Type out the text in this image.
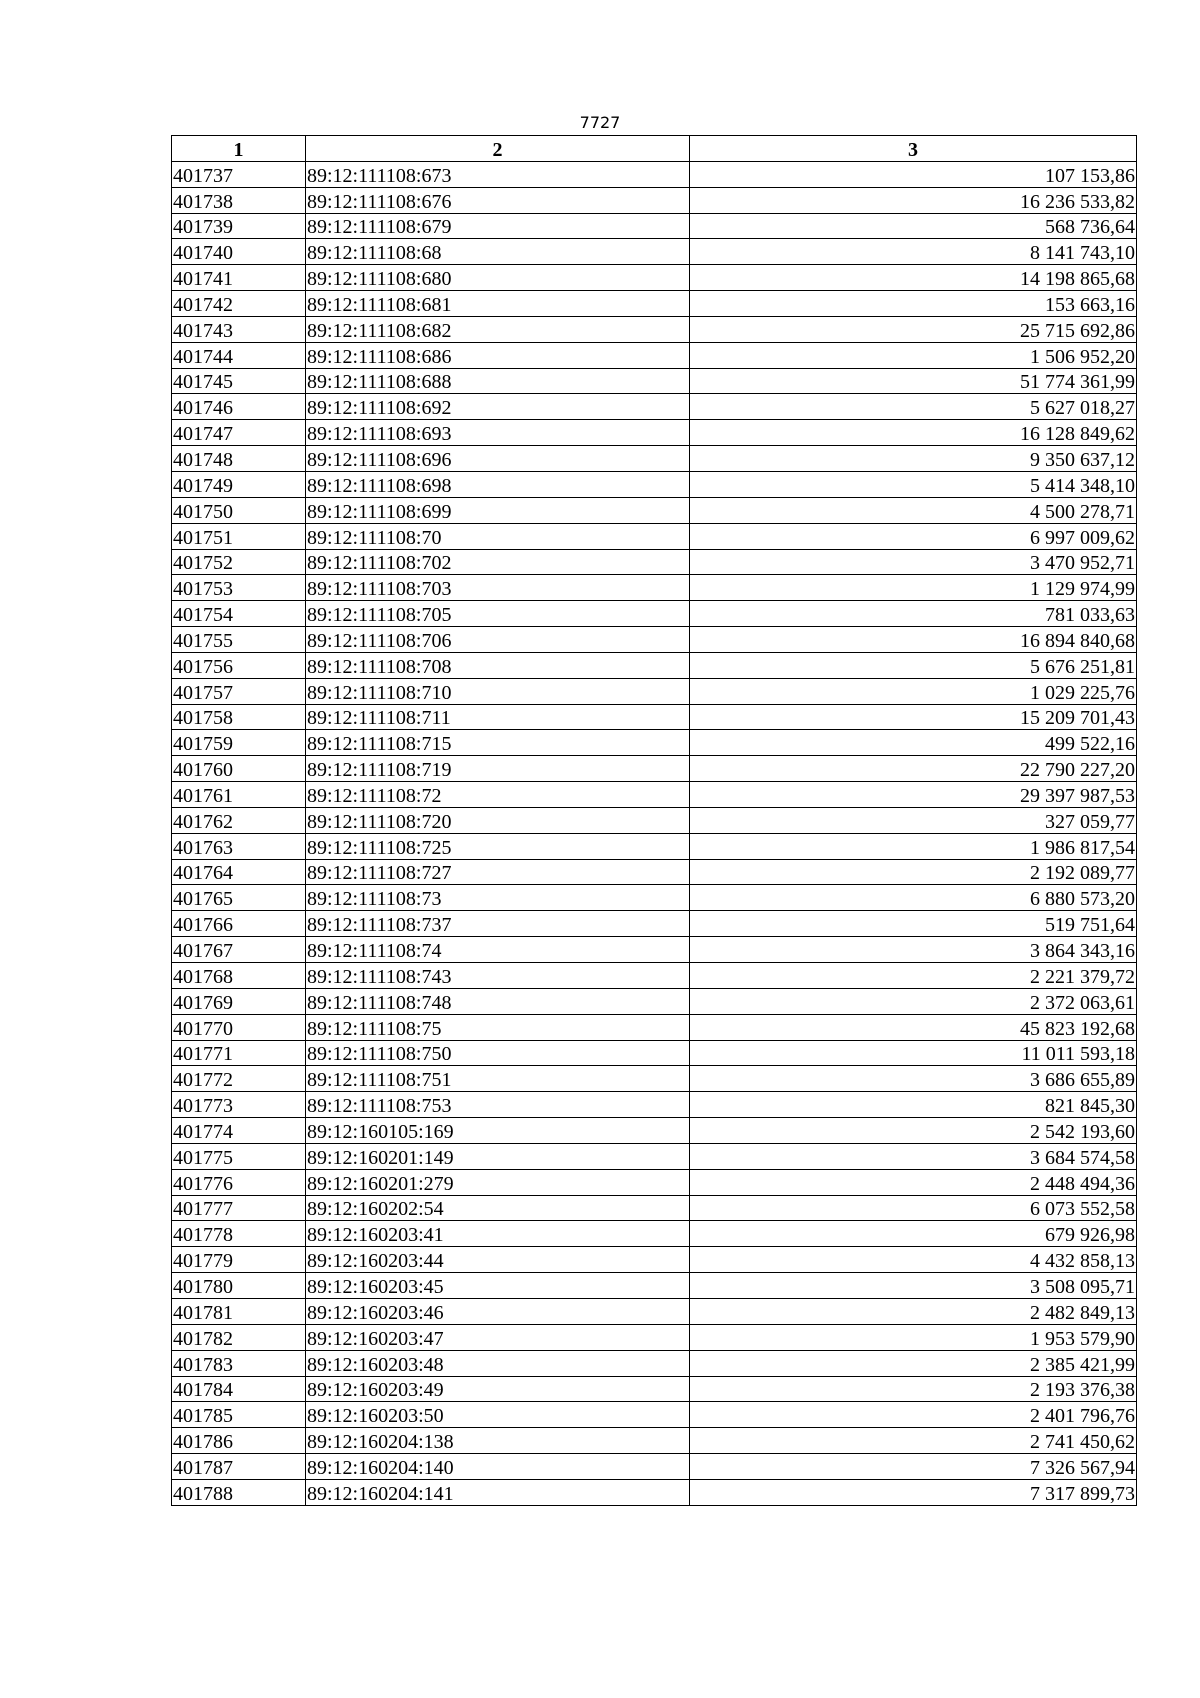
7727
1	2	3
401737	89:12:111108:673	107 153,86
401738	89:12:111108:676	16 236 533,82
401739	89:12:111108:679	568 736,64
401740	89:12:111108:68	8 141 743,10
401741	89:12:111108:680	14 198 865,68
401742	89:12:111108:681	153 663,16
401743	89:12:111108:682	25 715 692,86
401744	89:12:111108:686	1 506 952,20
401745	89:12:111108:688	51 774 361,99
401746	89:12:111108:692	5 627 018,27
401747	89:12:111108:693	16 128 849,62
401748	89:12:111108:696	9 350 637,12
401749	89:12:111108:698	5 414 348,10
401750	89:12:111108:699	4 500 278,71
401751	89:12:111108:70	6 997 009,62
401752	89:12:111108:702	3 470 952,71
401753	89:12:111108:703	1 129 974,99
401754	89:12:111108:705	781 033,63
401755	89:12:111108:706	16 894 840,68
401756	89:12:111108:708	5 676 251,81
401757	89:12:111108:710	1 029 225,76
401758	89:12:111108:711	15 209 701,43
401759	89:12:111108:715	499 522,16
401760	89:12:111108:719	22 790 227,20
401761	89:12:111108:72	29 397 987,53
401762	89:12:111108:720	327 059,77
401763	89:12:111108:725	1 986 817,54
401764	89:12:111108:727	2 192 089,77
401765	89:12:111108:73	6 880 573,20
401766	89:12:111108:737	519 751,64
401767	89:12:111108:74	3 864 343,16
401768	89:12:111108:743	2 221 379,72
401769	89:12:111108:748	2 372 063,61
401770	89:12:111108:75	45 823 192,68
401771	89:12:111108:750	11 011 593,18
401772	89:12:111108:751	3 686 655,89
401773	89:12:111108:753	821 845,30
401774	89:12:160105:169	2 542 193,60
401775	89:12:160201:149	3 684 574,58
401776	89:12:160201:279	2 448 494,36
401777	89:12:160202:54	6 073 552,58
401778	89:12:160203:41	679 926,98
401779	89:12:160203:44	4 432 858,13
401780	89:12:160203:45	3 508 095,71
401781	89:12:160203:46	2 482 849,13
401782	89:12:160203:47	1 953 579,90
401783	89:12:160203:48	2 385 421,99
401784	89:12:160203:49	2 193 376,38
401785	89:12:160203:50	2 401 796,76
401786	89:12:160204:138	2 741 450,62
401787	89:12:160204:140	7 326 567,94
401788	89:12:160204:141	7 317 899,73
